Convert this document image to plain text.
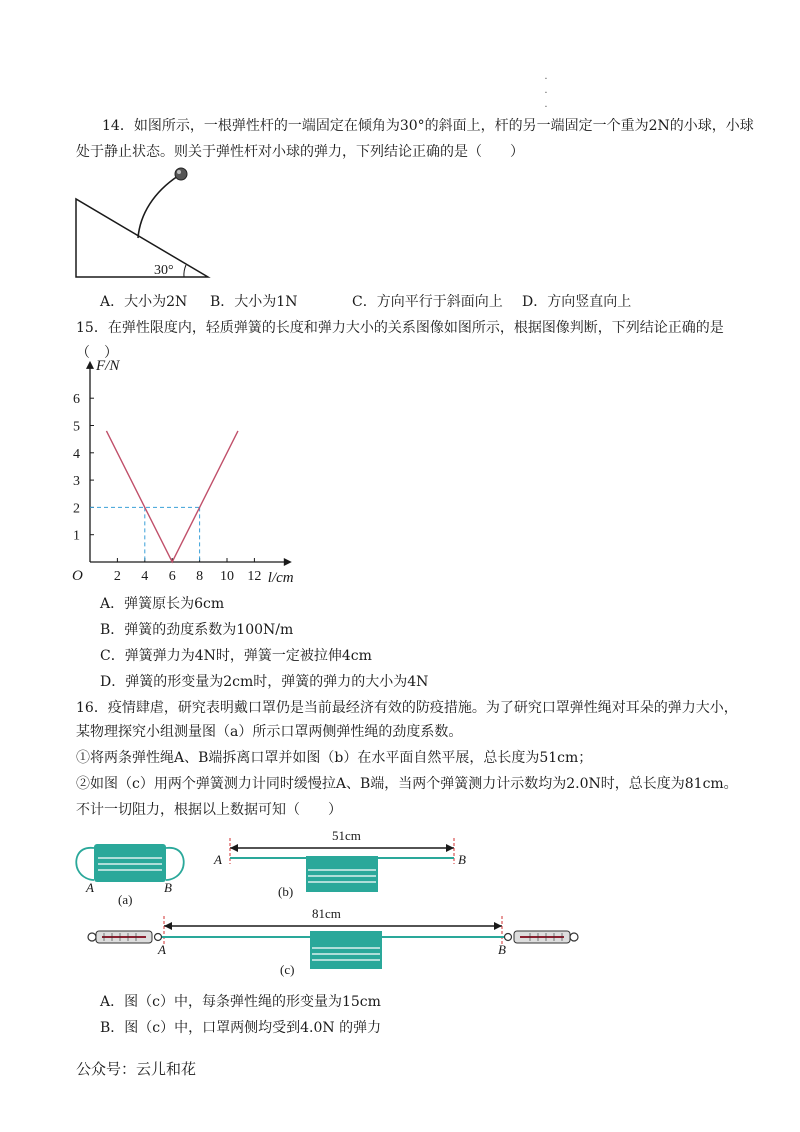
.
.
.
14．如图所示，一根弹性杆的一端固定在倾角为30°的斜面上，杆的另一端固定一个重为2N的小球，小球
处于静止状态。则关于弹性杆对小球的弹力，下列结论正确的是（　　）
30°
A．大小为2N B．大小为1N	C．方向平行于斜面向上 D．方向竖直向上
15．在弹性限度内，轻质弹簧的长度和弹力大小的关系图像如图所示，根据图像判断，下列结论正确的是
（　）
2 4 6 8 10 12
1
2
3
4
5
6
O
F/N
l/cm
A．弹簧原长为6cm
B．弹簧的劲度系数为100N/m
C．弹簧弹力为4N时，弹簧一定被拉伸4cm
D．弹簧的形变量为2cm时，弹簧的弹力的大小为4N
16．疫情肆虐，研究表明戴口罩仍是当前最经济有效的防疫措施。为了研究口罩弹性绳对耳朵的弹力大小，
某物理探究小组测量图（a）所示口罩两侧弹性绳的劲度系数。
①将两条弹性绳A、B端拆离口罩并如图（b）在水平面自然平展，总长度为51cm；
②如图（c）用两个弹簧测力计同时缓慢拉A、B端，当两个弹簧测力计示数均为2.0N时，总长度为81cm。
不计一切阻力，根据以上数据可知（　　）
A	B
(a)
51cm
A	B
(b)
81cm
A	B
(c)
A．图（c）中，每条弹性绳的形变量为15cm
B．图（c）中，口罩两侧均受到4.0N 的弹力
公众号：云儿和花
